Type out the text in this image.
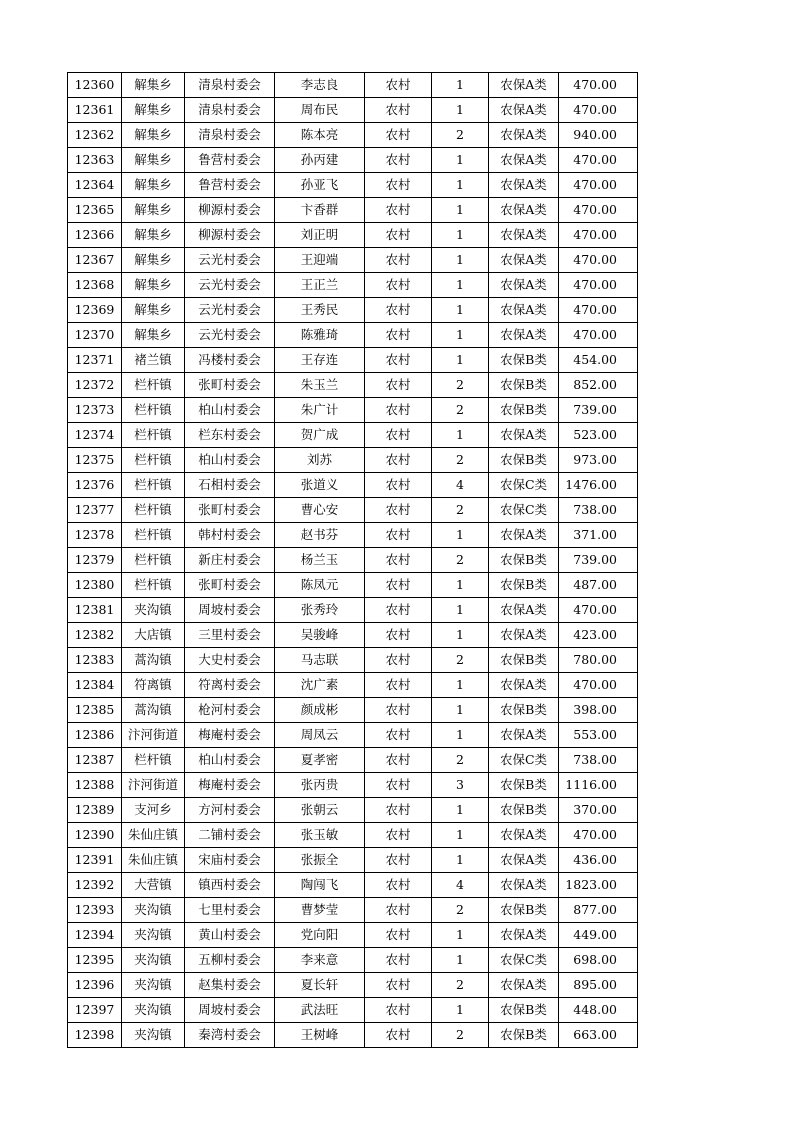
12360	解集乡	清泉村委会	李志良	农村	1	农保A类	470.00
12361	解集乡	清泉村委会	周布民	农村	1	农保A类	470.00
12362	解集乡	清泉村委会	陈本亮	农村	2	农保A类	940.00
12363	解集乡	鲁营村委会	孙丙建	农村	1	农保A类	470.00
12364	解集乡	鲁营村委会	孙亚飞	农村	1	农保A类	470.00
12365	解集乡	柳源村委会	卞香群	农村	1	农保A类	470.00
12366	解集乡	柳源村委会	刘正明	农村	1	农保A类	470.00
12367	解集乡	云光村委会	王迎端	农村	1	农保A类	470.00
12368	解集乡	云光村委会	王正兰	农村	1	农保A类	470.00
12369	解集乡	云光村委会	王秀民	农村	1	农保A类	470.00
12370	解集乡	云光村委会	陈雅琦	农村	1	农保A类	470.00
12371	褚兰镇	冯楼村委会	王存连	农村	1	农保B类	454.00
12372	栏杆镇	张町村委会	朱玉兰	农村	2	农保B类	852.00
12373	栏杆镇	柏山村委会	朱广计	农村	2	农保B类	739.00
12374	栏杆镇	栏东村委会	贺广成	农村	1	农保A类	523.00
12375	栏杆镇	柏山村委会	刘苏	农村	2	农保B类	973.00
12376	栏杆镇	石相村委会	张道义	农村	4	农保C类	1476.00
12377	栏杆镇	张町村委会	曹心安	农村	2	农保C类	738.00
12378	栏杆镇	韩村村委会	赵书芬	农村	1	农保A类	371.00
12379	栏杆镇	新庄村委会	杨兰玉	农村	2	农保B类	739.00
12380	栏杆镇	张町村委会	陈凤元	农村	1	农保B类	487.00
12381	夹沟镇	周坡村委会	张秀玲	农村	1	农保A类	470.00
12382	大店镇	三里村委会	吴骏峰	农村	1	农保A类	423.00
12383	蒿沟镇	大史村委会	马志联	农村	2	农保B类	780.00
12384	符离镇	符离村委会	沈广素	农村	1	农保A类	470.00
12385	蒿沟镇	枪河村委会	颜成彬	农村	1	农保B类	398.00
12386	汴河街道	梅庵村委会	周凤云	农村	1	农保A类	553.00
12387	栏杆镇	柏山村委会	夏孝密	农村	2	农保C类	738.00
12388	汴河街道	梅庵村委会	张丙贵	农村	3	农保B类	1116.00
12389	支河乡	方河村委会	张朝云	农村	1	农保B类	370.00
12390	朱仙庄镇	二铺村委会	张玉敏	农村	1	农保A类	470.00
12391	朱仙庄镇	宋庙村委会	张振全	农村	1	农保A类	436.00
12392	大营镇	镇西村委会	陶闯飞	农村	4	农保A类	1823.00
12393	夹沟镇	七里村委会	曹梦莹	农村	2	农保B类	877.00
12394	夹沟镇	黄山村委会	党向阳	农村	1	农保A类	449.00
12395	夹沟镇	五柳村委会	李来意	农村	1	农保C类	698.00
12396	夹沟镇	赵集村委会	夏长轩	农村	2	农保A类	895.00
12397	夹沟镇	周坡村委会	武法旺	农村	1	农保B类	448.00
12398	夹沟镇	秦湾村委会	王树峰	农村	2	农保B类	663.00
